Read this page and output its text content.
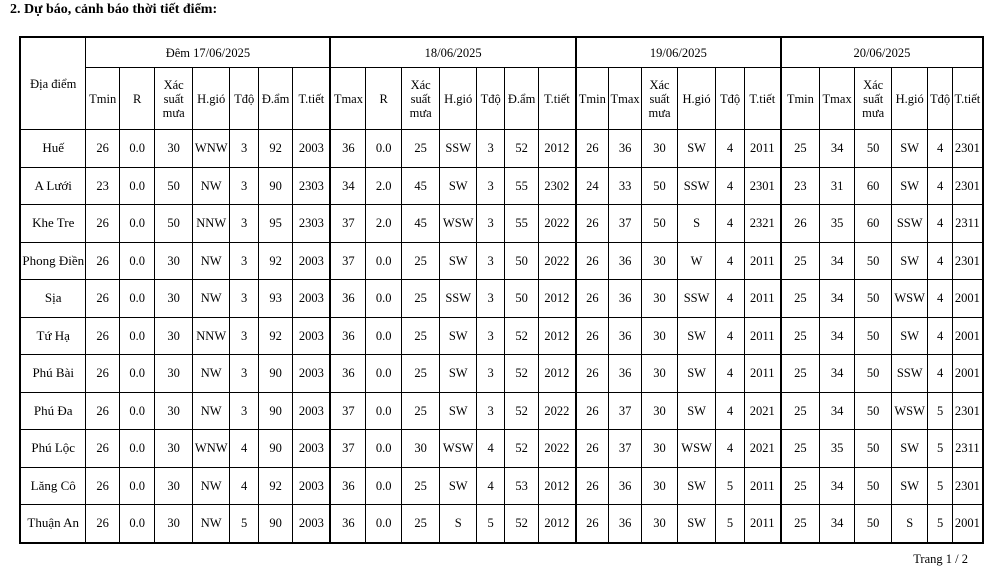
2. Dự báo, cảnh báo thời tiết điểm:
Địa điểm	Đêm 17/06/2025							18/06/2025							19/06/2025						20/06/2025					
	Tmin	R	Xác suất mưa	H.gió	Tđộ	Đ.ẩm	T.tiết	Tmax	R	Xác suất mưa	H.gió	Tđộ	Đ.ẩm	T.tiết	Tmin	Tmax	Xác suất mưa	H.gió	Tđộ	T.tiết	Tmin	Tmax	Xác suất mưa	H.gió	Tđộ	T.tiết
Huế	26	0.0	30	WNW	3	92	2003	36	0.0	25	SSW	3	52	2012	26	36	30	SW	4	2011	25	34	50	SW	4	2301
A Lưới	23	0.0	50	NW	3	90	2303	34	2.0	45	SW	3	55	2302	24	33	50	SSW	4	2301	23	31	60	SW	4	2301
Khe Tre	26	0.0	50	NNW	3	95	2303	37	2.0	45	WSW	3	55	2022	26	37	50	S	4	2321	26	35	60	SSW	4	2311
Phong Điền	26	0.0	30	NW	3	92	2003	37	0.0	25	SW	3	50	2022	26	36	30	W	4	2011	25	34	50	SW	4	2301
Sịa	26	0.0	30	NW	3	93	2003	36	0.0	25	SSW	3	50	2012	26	36	30	SSW	4	2011	25	34	50	WSW	4	2001
Tứ Hạ	26	0.0	30	NNW	3	92	2003	36	0.0	25	SW	3	52	2012	26	36	30	SW	4	2011	25	34	50	SW	4	2001
Phú Bài	26	0.0	30	NW	3	90	2003	36	0.0	25	SW	3	52	2012	26	36	30	SW	4	2011	25	34	50	SSW	4	2001
Phú Đa	26	0.0	30	NW	3	90	2003	37	0.0	25	SW	3	52	2022	26	37	30	SW	4	2021	25	34	50	WSW	5	2301
Phú Lộc	26	0.0	30	WNW	4	90	2003	37	0.0	30	WSW	4	52	2022	26	37	30	WSW	4	2021	25	35	50	SW	5	2311
Lăng Cô	26	0.0	30	NW	4	92	2003	36	0.0	25	SW	4	53	2012	26	36	30	SW	5	2011	25	34	50	SW	5	2301
Thuận An	26	0.0	30	NW	5	90	2003	36	0.0	25	S	5	52	2012	26	36	30	SW	5	2011	25	34	50	S	5	2001
Trang 1 / 2
